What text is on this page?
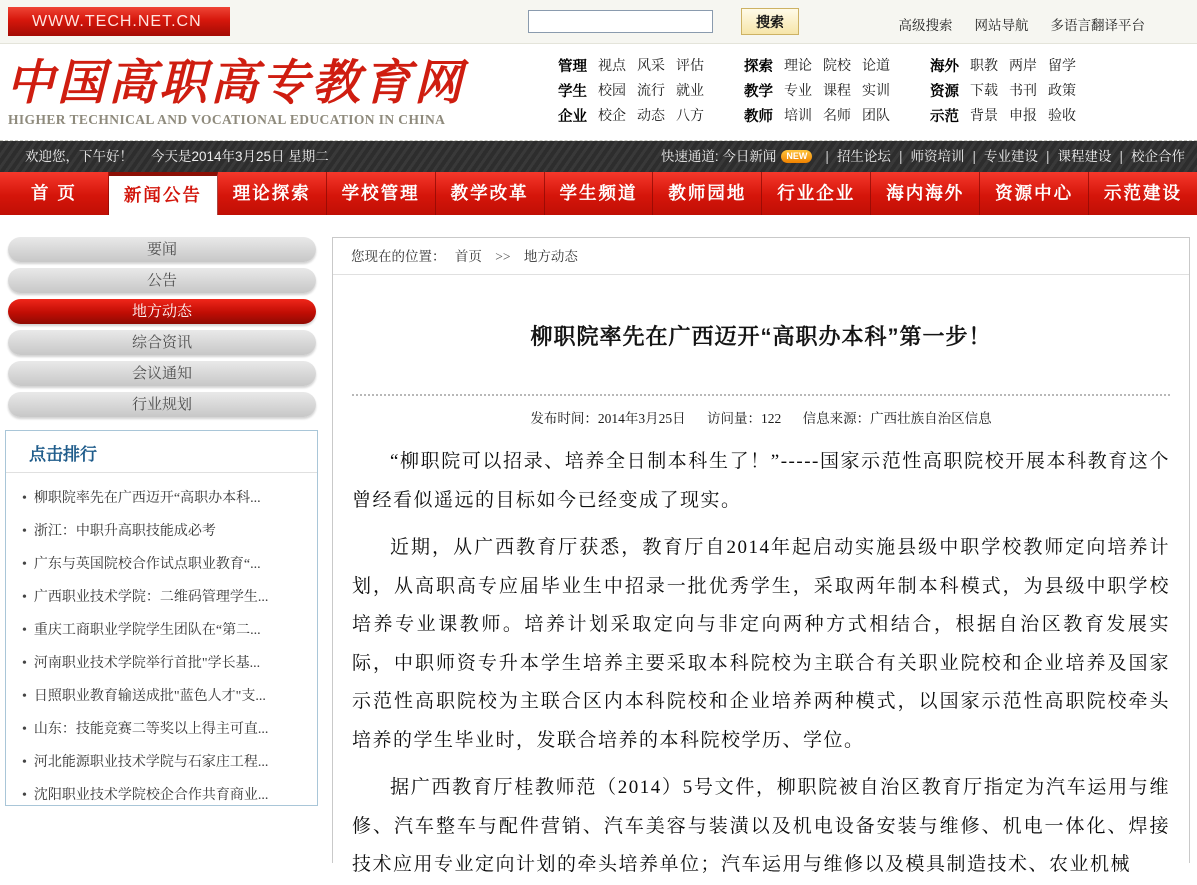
WWW.TECH.NET.CN	搜索	高级搜索 网站导航 多语言翻译平台
中国高职高专教育网
HIGHER TECHNICAL AND VOCATIONAL EDUCATION IN CHINA
管理 视点 风采 评估
学生 校园 流行 就业
企业 校企 动态 八方
探索 理论 院校 论道
教学 专业 课程 实训
教师 培训 名师 团队
海外 职教 两岸 留学
资源 下载 书刊 政策
示范 背景 申报 验收
欢迎您，下午好！ 今天是2014年3月25日 星期二	快速通道:
今日新闻	NEW	| 招生论坛 | 师资培训 | 专业建设 | 课程建设 | 校企合作
首 页	新闻公告	理论探索	学校管理	教学改革	学生频道	教师园地	行业企业	海内海外	资源中心	示范建设
要闻
公告
地方动态
综合资讯
会议通知
行业规划
点击排行
• 柳职院率先在广西迈开“高职办本科...
• 浙江：中职升高职技能成必考
• 广东与英国院校合作试点职业教育“...
• 广西职业技术学院：二维码管理学生...
• 重庆工商职业学院学生团队在“第二...
• 河南职业技术学院举行首批"学长基...
• 日照职业教育输送成批"蓝色人才"支...
• 山东：技能竞赛二等奖以上得主可直...
• 河北能源职业技术学院与石家庄工程...
• 沈阳职业技术学院校企合作共育商业...
您现在的位置： 首页 >> 地方动态
柳职院率先在广西迈开“高职办本科”第一步！
发布时间：2014年3月25日 访问量：122 信息来源：广西壮族自治区信息

“柳职院可以招录、培养全日制本科生了！”-----国家示范性高职院校开展本科教育这个曾经看似遥远的目标如今已经变成了现实。

近期，从广西教育厅获悉，教育厅自2014年起启动实施县级中职学校教师定向培养计划，从高职高专应届毕业生中招录一批优秀学生，采取两年制本科模式，为县级中职学校培养专业课教师。培养计划采取定向与非定向两种方式相结合，根据自治区教育发展实际，中职师资专升本学生培养主要采取本科院校为主联合有关职业院校和企业培养及国家示范性高职院校为主联合区内本科院校和企业培养两种模式，以国家示范性高职院校牵头培养的学生毕业时，发联合培养的本科院校学历、学位。

据广西教育厅桂教师范（2014）5号文件，柳职院被自治区教育厅指定为汽车运用与维修、汽车整车与配件营销、汽车美容与装潢以及机电设备安装与维修、机电一体化、焊接技术应用专业定向计划的牵头培养单位；汽车运用与维修以及模具制造技术、农业机械
